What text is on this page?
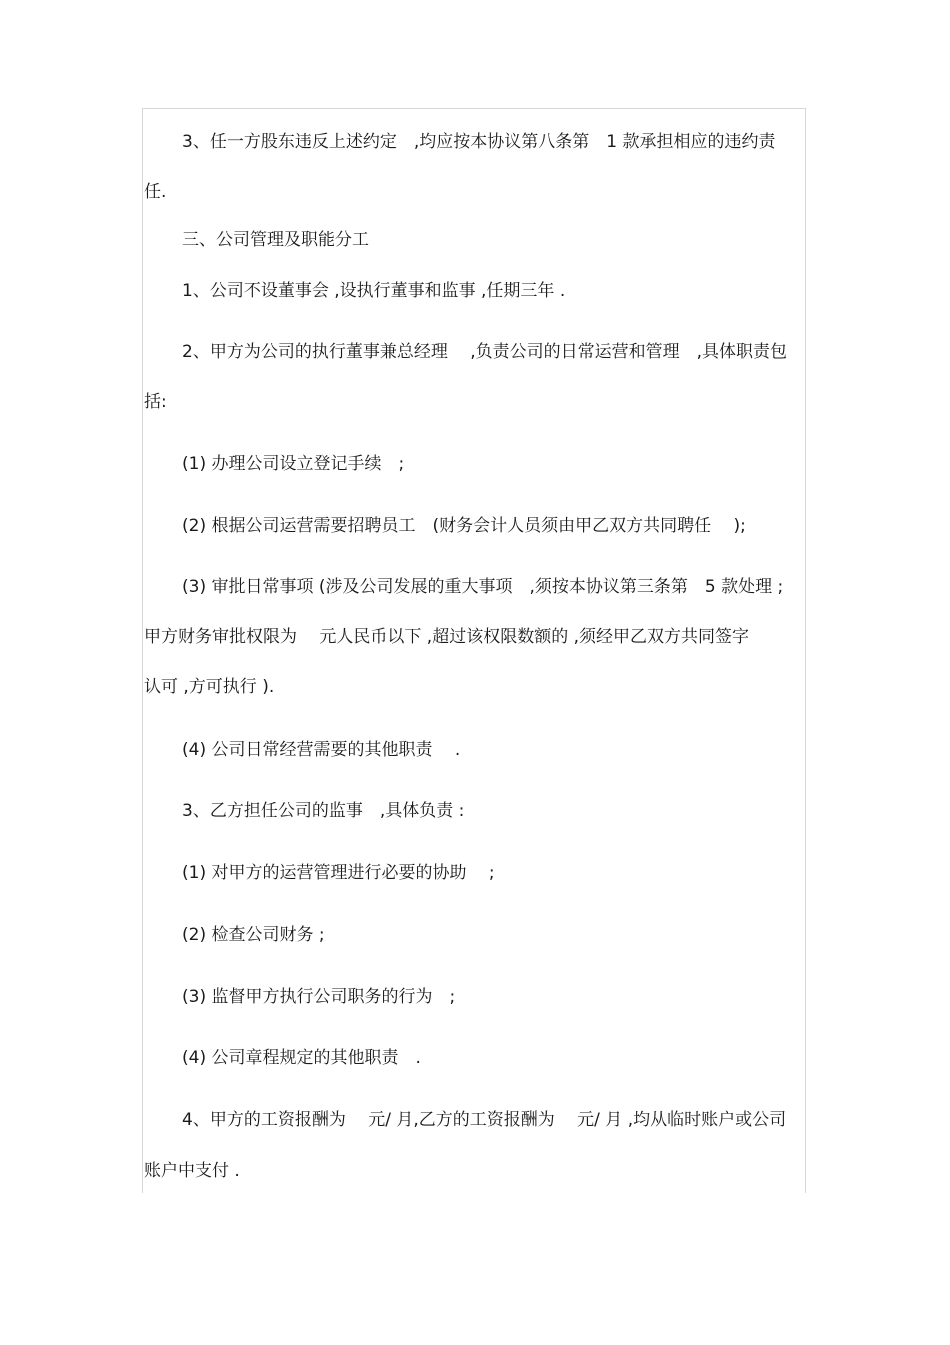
3、任一方股东违反上述约定　,均应按本协议第八条第　1 款承担相应的违约责
任.
三、公司管理及职能分工
1、公司不设董事会 ,设执行董事和监事 ,任期三年 .
2、甲方为公司的执行董事兼总经理　 ,负责公司的日常运营和管理　,具体职责包
括:
(1) 办理公司设立登记手续　;
(2) 根据公司运营需要招聘员工　(财务会计人员须由甲乙双方共同聘任　 );
(3) 审批日常事项 (涉及公司发展的重大事项　,须按本协议第三条第　5 款处理 ;
甲方财务审批权限为　 元人民币以下 ,超过该权限数额的 ,须经甲乙双方共同签字
认可 ,方可执行 ).
(4) 公司日常经营需要的其他职责　 .
3、乙方担任公司的监事　,具体负责 :
(1) 对甲方的运营管理进行必要的协助　 ;
(2) 检查公司财务 ;
(3) 监督甲方执行公司职务的行为　;
(4) 公司章程规定的其他职责　.
4、甲方的工资报酬为　 元/ 月,乙方的工资报酬为　 元/ 月 ,均从临时账户或公司
账户中支付 .
